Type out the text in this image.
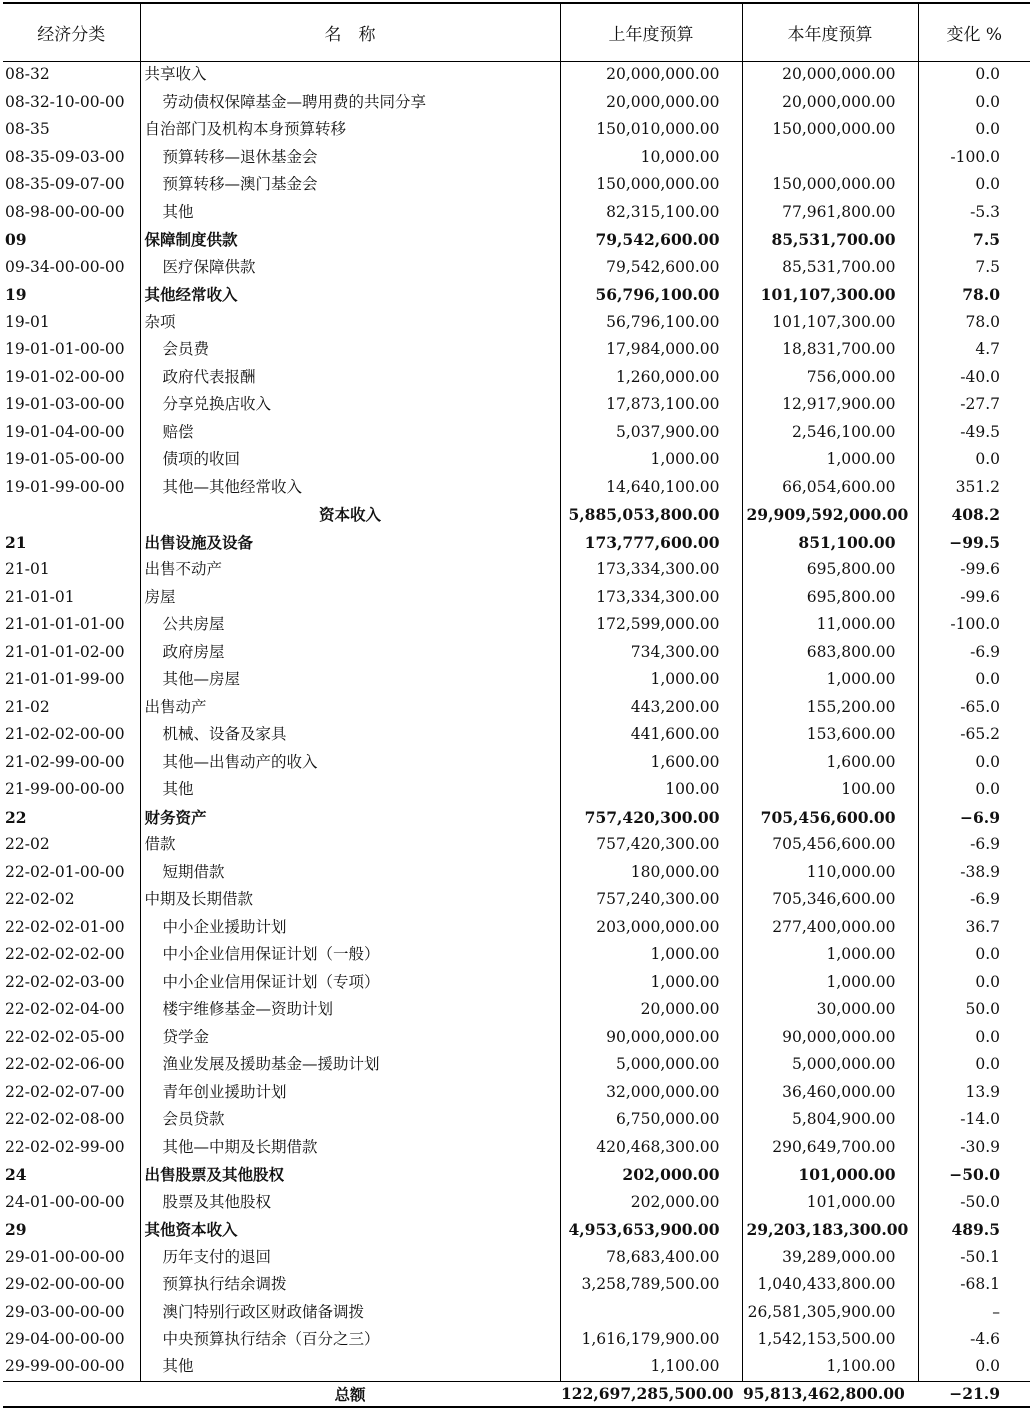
经济分类	名　称	上年度预算	本年度预算	变化 %
08-32	共享收入	20,000,000.00	20,000,000.00	0.0
08-32-10-00-00	劳动债权保障基金—聘用费的共同分享	20,000,000.00	20,000,000.00	0.0
08-35	自治部门及机构本身预算转移	150,010,000.00	150,000,000.00	0.0
08-35-09-03-00	预算转移—退休基金会	10,000.00		-100.0
08-35-09-07-00	预算转移—澳门基金会	150,000,000.00	150,000,000.00	0.0
08-98-00-00-00	其他	82,315,100.00	77,961,800.00	-5.3
09	保障制度供款	79,542,600.00	85,531,700.00	7.5
09-34-00-00-00	医疗保障供款	79,542,600.00	85,531,700.00	7.5
19	其他经常收入	56,796,100.00	101,107,300.00	78.0
19-01	杂项	56,796,100.00	101,107,300.00	78.0
19-01-01-00-00	会员费	17,984,000.00	18,831,700.00	4.7
19-01-02-00-00	政府代表报酬	1,260,000.00	756,000.00	-40.0
19-01-03-00-00	分享兑换店收入	17,873,100.00	12,917,900.00	-27.7
19-01-04-00-00	赔偿	5,037,900.00	2,546,100.00	-49.5
19-01-05-00-00	债项的收回	1,000.00	1,000.00	0.0
19-01-99-00-00	其他—其他经常收入	14,640,100.00	66,054,600.00	351.2
	资本收入	5,885,053,800.00	29,909,592,000.00	408.2
21	出售设施及设备	173,777,600.00	851,100.00	−99.5
21-01	出售不动产	173,334,300.00	695,800.00	-99.6
21-01-01	房屋	173,334,300.00	695,800.00	-99.6
21-01-01-01-00	公共房屋	172,599,000.00	11,000.00	-100.0
21-01-01-02-00	政府房屋	734,300.00	683,800.00	-6.9
21-01-01-99-00	其他—房屋	1,000.00	1,000.00	0.0
21-02	出售动产	443,200.00	155,200.00	-65.0
21-02-02-00-00	机械、设备及家具	441,600.00	153,600.00	-65.2
21-02-99-00-00	其他—出售动产的收入	1,600.00	1,600.00	0.0
21-99-00-00-00	其他	100.00	100.00	0.0
22	财务资产	757,420,300.00	705,456,600.00	−6.9
22-02	借款	757,420,300.00	705,456,600.00	-6.9
22-02-01-00-00	短期借款	180,000.00	110,000.00	-38.9
22-02-02	中期及长期借款	757,240,300.00	705,346,600.00	-6.9
22-02-02-01-00	中小企业援助计划	203,000,000.00	277,400,000.00	36.7
22-02-02-02-00	中小企业信用保证计划（一般）	1,000.00	1,000.00	0.0
22-02-02-03-00	中小企业信用保证计划（专项）	1,000.00	1,000.00	0.0
22-02-02-04-00	楼宇维修基金—资助计划	20,000.00	30,000.00	50.0
22-02-02-05-00	贷学金	90,000,000.00	90,000,000.00	0.0
22-02-02-06-00	渔业发展及援助基金—援助计划	5,000,000.00	5,000,000.00	0.0
22-02-02-07-00	青年创业援助计划	32,000,000.00	36,460,000.00	13.9
22-02-02-08-00	会员贷款	6,750,000.00	5,804,900.00	-14.0
22-02-02-99-00	其他—中期及长期借款	420,468,300.00	290,649,700.00	-30.9
24	出售股票及其他股权	202,000.00	101,000.00	−50.0
24-01-00-00-00	股票及其他股权	202,000.00	101,000.00	-50.0
29	其他资本收入	4,953,653,900.00	29,203,183,300.00	489.5
29-01-00-00-00	历年支付的退回	78,683,400.00	39,289,000.00	-50.1
29-02-00-00-00	预算执行结余调拨	3,258,789,500.00	1,040,433,800.00	-68.1
29-03-00-00-00	澳门特别行政区财政储备调拨		26,581,305,900.00	–
29-04-00-00-00	中央预算执行结余（百分之三）	1,616,179,900.00	1,542,153,500.00	-4.6
29-99-00-00-00	其他	1,100.00	1,100.00	0.0
	总额	122,697,285,500.00	95,813,462,800.00	−21.9
